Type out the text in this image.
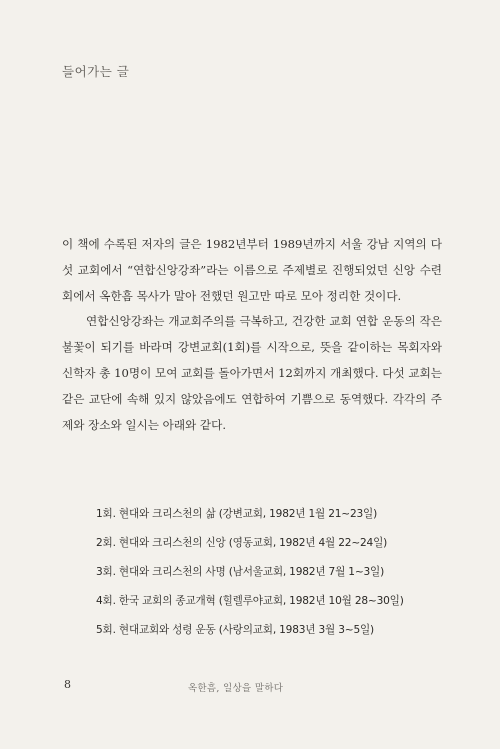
들어가는 글

이 책에 수록된 저자의 글은 1982년부터 1989년까지 서울 강남 지역의 다섯 교회에서 “연합신앙강좌”라는 이름으로 주제별로 진행되었던 신앙 수련회에서 옥한흠 목사가 말아 전했던 원고만 따로 모아 정리한 것이다.

연합신앙강좌는 개교회주의를 극복하고, 건강한 교회 연합 운동의 작은 불꽃이 되기를 바라며 강변교회(1회)를 시작으로, 뜻을 같이하는 목회자와 신학자 총 10명이 모여 교회를 돌아가면서 12회까지 개최했다. 다섯 교회는 같은 교단에 속해 있지 않았음에도 연합하여 기쁨으로 동역했다. 각각의 주제와 장소와 일시는 아래와 같다.

1회. 현대와 크리스천의 삶 (강변교회, 1982년 1월 21~23일)
2회. 현대와 크리스천의 신앙 (영동교회, 1982년 4월 22~24일)
3회. 현대와 크리스천의 사명 (남서울교회, 1982년 7월 1~3일)
4회. 한국 교회의 종교개혁 (힐렐루야교회, 1982년 10월 28~30일)
5회. 현대교회와 성령 운동 (사랑의교회, 1983년 3월 3~5일)
8	옥한흠, 일상을 말하다
